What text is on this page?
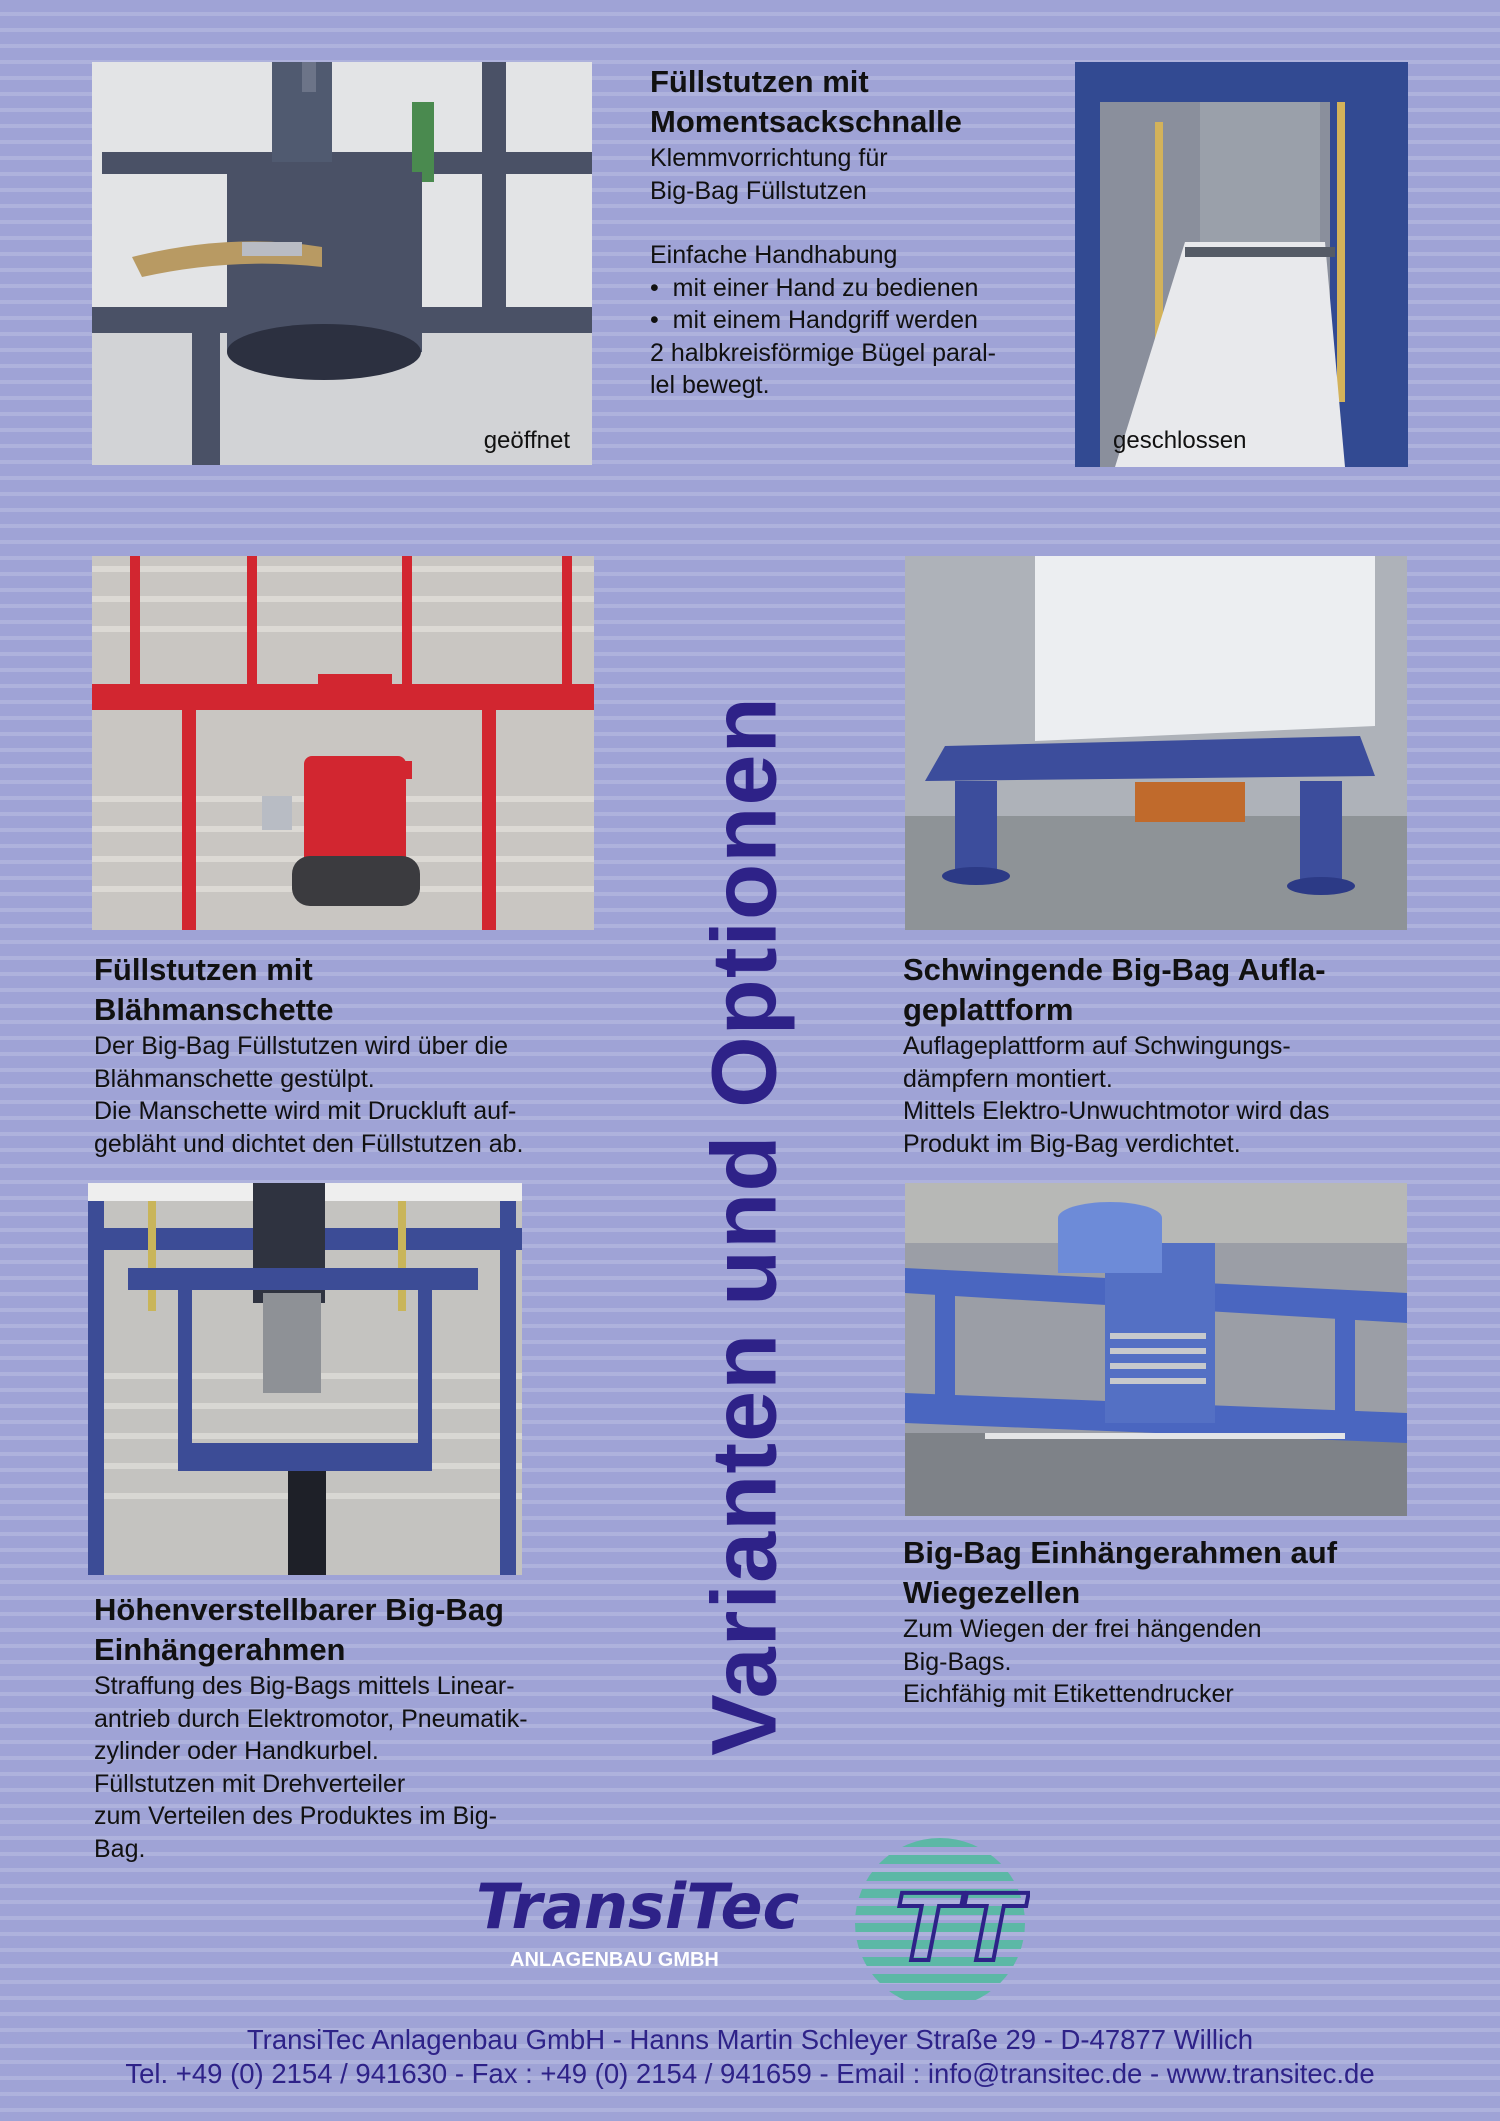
geöffnet

Füllstutzen mit Momentsackschnalle

Klemmvorrichtung für

Big-Bag Füllstutzen

Einfache Handhabung

•  mit einer Hand zu bedienen

•  mit einem Handgriff werden

2 halbkreisförmige Bügel paral-

lel bewegt.

geschlossen
Varianten und Optionen

Füllstutzen mit

Blähmanschette

Der Big-Bag Füllstutzen wird über die

Blähmanschette gestülpt.

Die Manschette wird mit Druckluft auf-

gebläht und dichtet den Füllstutzen ab.

Schwingende Big-Bag Aufla-

geplattform

Auflageplattform auf Schwingungs-

dämpfern montiert.

Mittels Elektro-Unwuchtmotor wird das

Produkt im Big-Bag verdichtet.

Höhenverstellbarer Big-Bag

Einhängerahmen

Straffung des Big-Bags mittels Linear-

antrieb durch Elektromotor, Pneumatik-

zylinder oder Handkurbel.

Füllstutzen mit Drehverteiler

zum Verteilen des Produktes im Big-

Bag.

Big-Bag Einhängerahmen auf

Wiegezellen

Zum Wiegen der frei hängenden

Big-Bags.

Eichfähig mit Etikettendrucker

TransiTec TT
ANLAGENBAU GMBH
TransiTec Anlagenbau GmbH - Hanns Martin Schleyer Straße 29 - D-47877 Willich
Tel. +49 (0) 2154 / 941630 - Fax : +49 (0) 2154 / 941659 - Email : info@transitec.de - www.transitec.de
